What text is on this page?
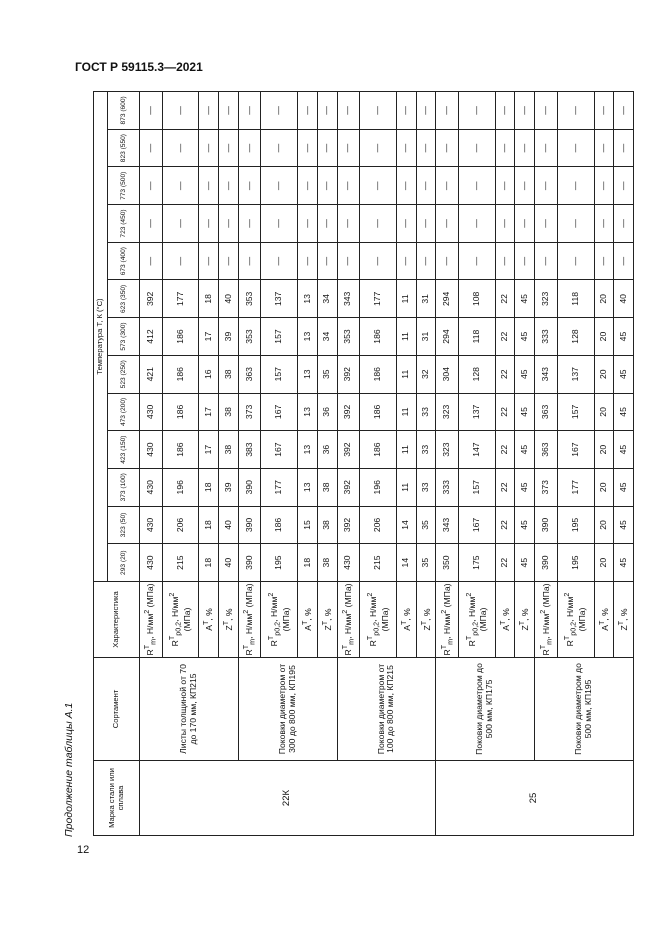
ГОСТ Р 59115.3—2021
Продолжение таблицы А.1
12
Марка стали или сплава	Сортамент	Характеристика	Температура T, К (°C)												
			293 (20)	323 (50)	373 (100)	423 (150)	473 (200)	523 (250)	573 (300)	623 (350)	673 (400)	723 (450)	773 (500)	823 (550)	873 (600)
22К	Листы толщиной от 70 до 170 мм, КП215	$R^T_m$, $Н/мм^2$ (МПа)	430	430	430	430	430	421	412	392	—	—	—	—	—
		$R^T_{p0,2}$, $Н/мм^2$ (МПа)	215	206	196	186	186	186	186	177	—	—	—	—	—
		$A^T$, %	18	18	18	17	17	16	17	18	—	—	—	—	—
		$Z^T$, %	40	40	39	38	38	38	39	40	—	—	—	—	—
	Поковки диаметром от 300 до 800 мм, КП195	$R^T_m$, $Н/мм^2$ (МПа)	390	390	390	383	373	363	353	353	—	—	—	—	—
		$R^T_{p0,2}$, $Н/мм^2$ (МПа)	195	186	177	167	167	157	157	137	—	—	—	—	—
		$A^T$, %	18	15	13	13	13	13	13	13	—	—	—	—	—
		$Z^T$, %	38	38	38	36	36	35	34	34	—	—	—	—	—
	Поковки диаметром от 100 до 800 мм, КП215	$R^T_m$, $Н/мм^2$ (МПа)	430	392	392	392	392	392	353	343	—	—	—	—	—
		$R^T_{p0,2}$, $Н/мм^2$ (МПа)	215	206	196	186	186	186	186	177	—	—	—	—	—
		$A^T$, %	14	14	11	11	11	11	11	11	—	—	—	—	—
		$Z^T$, %	35	35	33	33	33	32	31	31	—	—	—	—	—
25	Поковки диаметром до 500 мм, КП175	$R^T_m$, $Н/мм^2$ (МПа)	350	343	333	323	323	304	294	294	—	—	—	—	—
		$R^T_{p0,2}$, $Н/мм^2$ (МПа)	175	167	157	147	137	128	118	108	—	—	—	—	—
		$A^T$, %	22	22	22	22	22	22	22	22	—	—	—	—	—
		$Z^T$, %	45	45	45	45	45	45	45	45	—	—	—	—	—
	Поковки диаметром до 500 мм, КП195	$R^T_m$, $Н/мм^2$ (МПа)	390	390	373	363	363	343	333	323	—	—	—	—	—
		$R^T_{p0,2}$, $Н/мм^2$ (МПа)	195	195	177	167	157	137	128	118	—	—	—	—	—
		$A^T$, %	20	20	20	20	20	20	20	20	—	—	—	—	—
		$Z^T$, %	45	45	45	45	45	45	45	40	—	—	—	—	—
